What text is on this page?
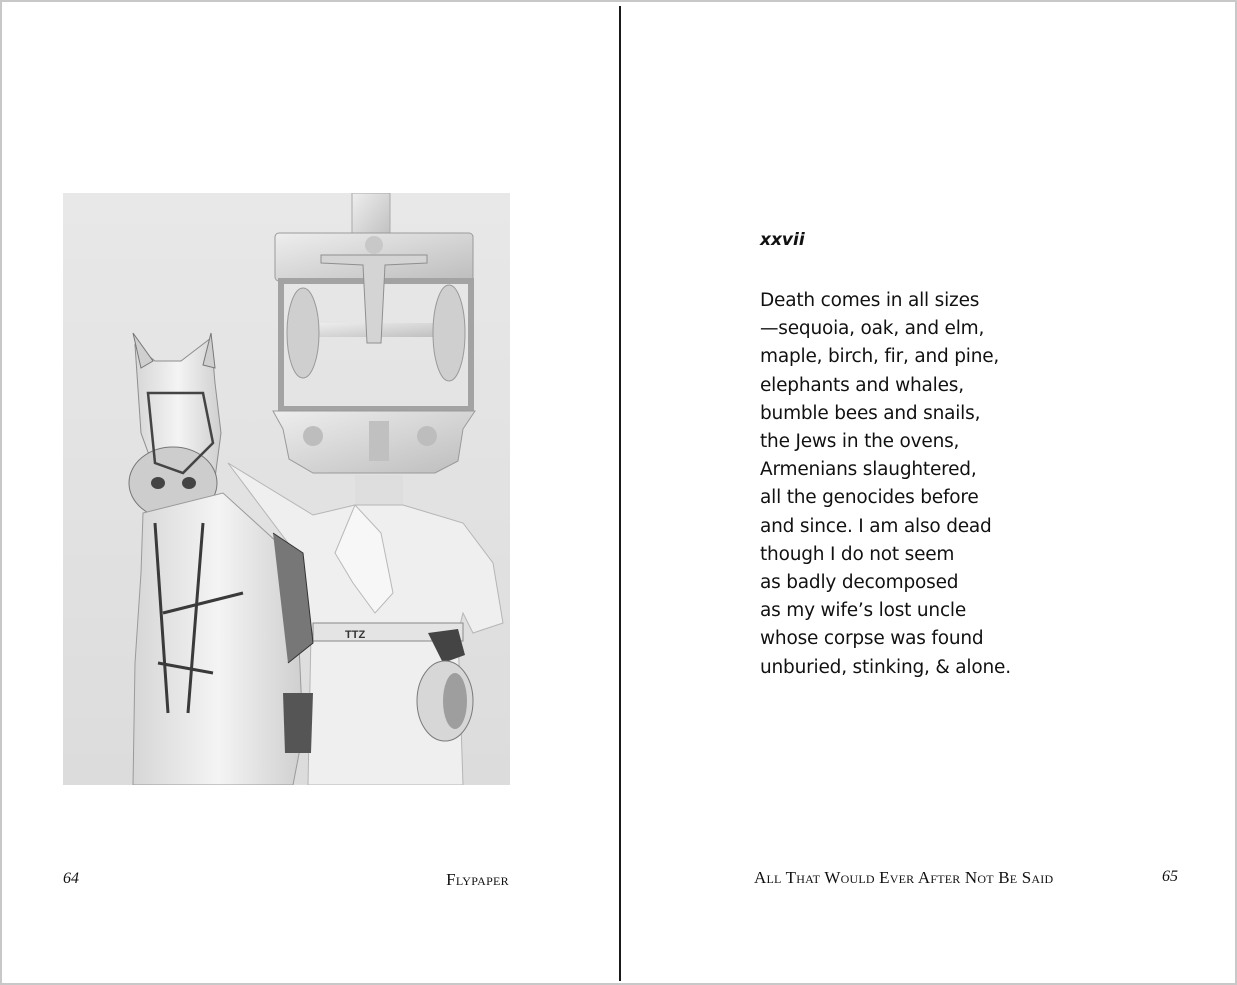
TTZ
64	Flypaper
xxvii
Death comes in all sizes
—sequoia, oak, and elm,
maple, birch, fir, and pine,
elephants and whales,
bumble bees and snails,
the Jews in the ovens,
Armenians slaughtered,
all the genocides before
and since. I am also dead
though I do not seem
as badly decomposed
as my wife’s lost uncle
whose corpse was found
unburied, stinking, & alone.
All That Would Ever After Not Be Said	65
